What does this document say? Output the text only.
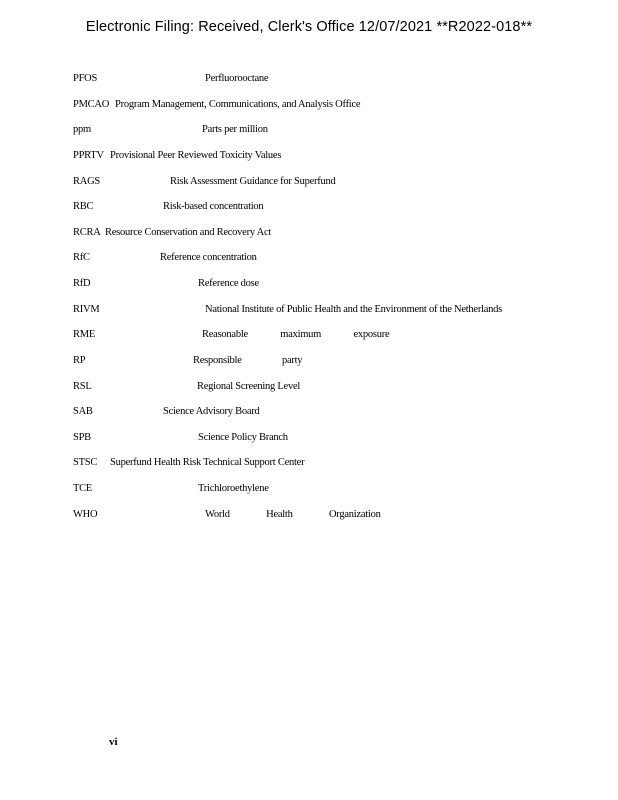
Electronic Filing: Received, Clerk's Office 12/07/2021 **R2022-018**
PFOS	Perfluorooctane
PMCAO Program Management, Communications, and Analysis Office
ppm	Parts per million
PPRTV Provisional Peer Reviewed Toxicity Values
RAGS	Risk Assessment Guidance for Superfund
RBC	Risk-based concentration
RCRA Resource Conservation and Recovery Act
RfC	Reference concentration
RfD	Reference dose
RIVM	National Institute of Public Health and the Environment of the Netherlands
RME	Reasonable maximum exposure
RP	Responsible party
RSL	Regional Screening Level
SAB	Science Advisory Board
SPB	Science Policy Branch
STSC Superfund Health Risk Technical Support Center
TCE	Trichloroethylene
WHO	World Health Organization
vi
